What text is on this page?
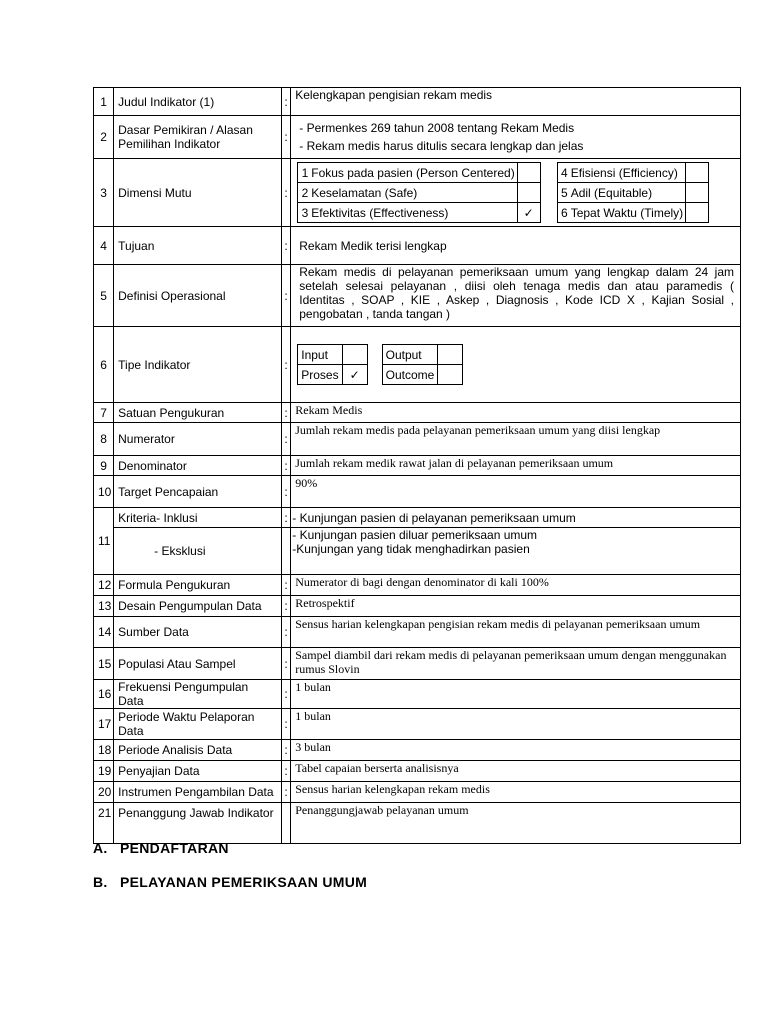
1	Judul Indikator (1)	:	Kelengkapan pengisian rekam medis
2	Dasar Pemikiran / Alasan Pemilihan Indikator	:	
- Permenkes 269 tahun 2008 tentang Rekam Medis
- Rekam medis harus ditulis secara lengkap dan jelas

3	Dimensi Mutu	:	
1	Fokus pada pasien (Person Centered)			4	Efisiensi (Efficiency)	
2	Keselamatan (Safe)			5	Adil (Equitable)	
3	Efektivitas (Effectiveness)	✓		6	Tepat Waktu (Timely)	

4	Tujuan	:	Rekam Medik terisi lengkap
5	Definisi Operasional	:	Rekam medis di pelayanan pemeriksaan umum yang lengkap dalam 24 jam setelah selesai pelayanan , diisi oleh tenaga medis dan atau paramedis ( Identitas , SOAP , KIE , Askep , Diagnosis , Kode ICD X , Kajian Sosial , pengobatan , tanda tangan )
6	Tipe Indikator	:	
Input			Output	
Proses	✓		Outcome	

7	Satuan Pengukuran	:	Rekam Medis
8	Numerator	:	Jumlah rekam medis pada pelayanan pemeriksaan umum yang diisi lengkap
9	Denominator	:	Jumlah rekam medik rawat jalan di pelayanan pemeriksaan umum
10	Target Pencapaian	:	90%
11	Kriteria- Inklusi	:	- Kunjungan pasien di pelayanan pemeriksaan umum
- Eksklusi		
- Kunjungan pasien diluar pemeriksaan umum
-Kunjungan yang tidak menghadirkan pasien

12	Formula Pengukuran	:	Numerator di bagi dengan denominator di kali 100%
13	Desain Pengumpulan Data	:	Retrospektif
14	Sumber Data	:	Sensus harian kelengkapan pengisian rekam medis di pelayanan pemeriksaan umum
15	Populasi Atau Sampel	:	Sampel diambil dari rekam medis di pelayanan pemeriksaan umum dengan menggunakan rumus Slovin
16	Frekuensi Pengumpulan Data	:	1 bulan
17	Periode Waktu Pelaporan Data	:	1 bulan
18	Periode Analisis Data	:	3 bulan
19	Penyajian Data	:	Tabel capaian berserta analisisnya
20	Instrumen Pengambilan Data	:	Sensus harian kelengkapan rekam medis
21	Penanggung Jawab Indikator		Penanggungjawab pelayanan umum
A. PENDAFTARAN
B. PELAYANAN PEMERIKSAAN UMUM
